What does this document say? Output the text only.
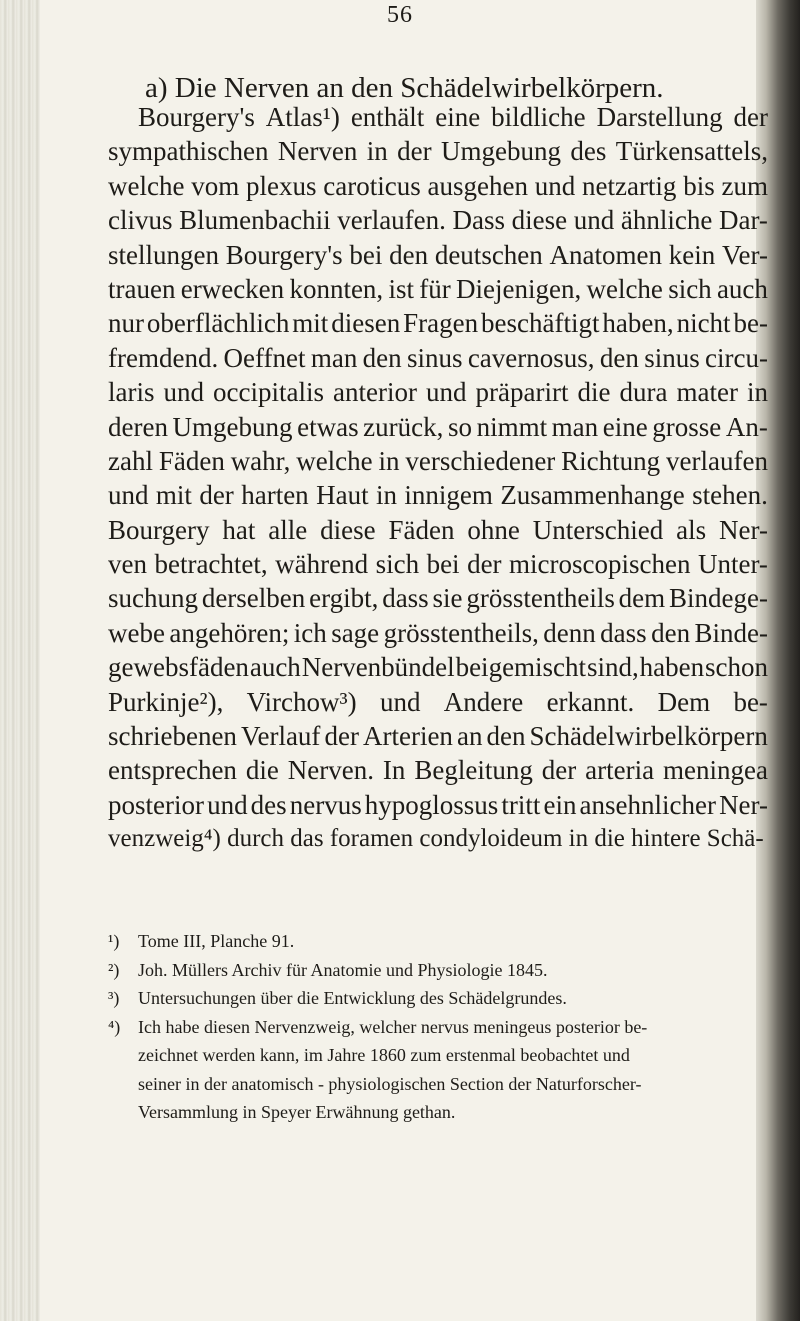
56
a) Die Nerven an den Schädelwirbelkörpern.
Bourgery's Atlas¹) enthält eine bildliche Darstellung der
sympathischen Nerven in der Umgebung des Türkensattels,
welche vom plexus caroticus ausgehen und netzartig bis zum
clivus Blumenbachii verlaufen. Dass diese und ähnliche Dar-
stellungen Bourgery's bei den deutschen Anatomen kein Ver-
trauen erwecken konnten, ist für Diejenigen, welche sich auch
nur oberflächlich mit diesen Fragen beschäftigt haben, nicht be-
fremdend. Oeffnet man den sinus cavernosus, den sinus circu-
laris und occipitalis anterior und präparirt die dura mater in
deren Umgebung etwas zurück, so nimmt man eine grosse An-
zahl Fäden wahr, welche in verschiedener Richtung verlaufen
und mit der harten Haut in innigem Zusammenhange stehen.
Bourgery hat alle diese Fäden ohne Unterschied als Ner-
ven betrachtet, während sich bei der microscopischen Unter-
suchung derselben ergibt, dass sie grösstentheils dem Bindege-
webe angehören; ich sage grösstentheils, denn dass den Binde-
gewebsfäden auch Nervenbündel beigemischt sind, haben schon
Purkinje²), Virchow³) und Andere erkannt. Dem be-
schriebenen Verlauf der Arterien an den Schädelwirbelkörpern
entsprechen die Nerven. In Begleitung der arteria meningea
posterior und des nervus hypoglossus tritt ein ansehnlicher Ner-
venzweig⁴) durch das foramen condyloideum in die hintere Schä-
¹) Tome III, Planche 91.
²) Joh. Müllers Archiv für Anatomie und Physiologie 1845.
³) Untersuchungen über die Entwicklung des Schädelgrundes.
⁴) Ich habe diesen Nervenzweig, welcher nervus meningeus posterior be-
zeichnet werden kann, im Jahre 1860 zum erstenmal beobachtet und
seiner in der anatomisch - physiologischen Section der Naturforscher-
Versammlung in Speyer Erwähnung gethan.
